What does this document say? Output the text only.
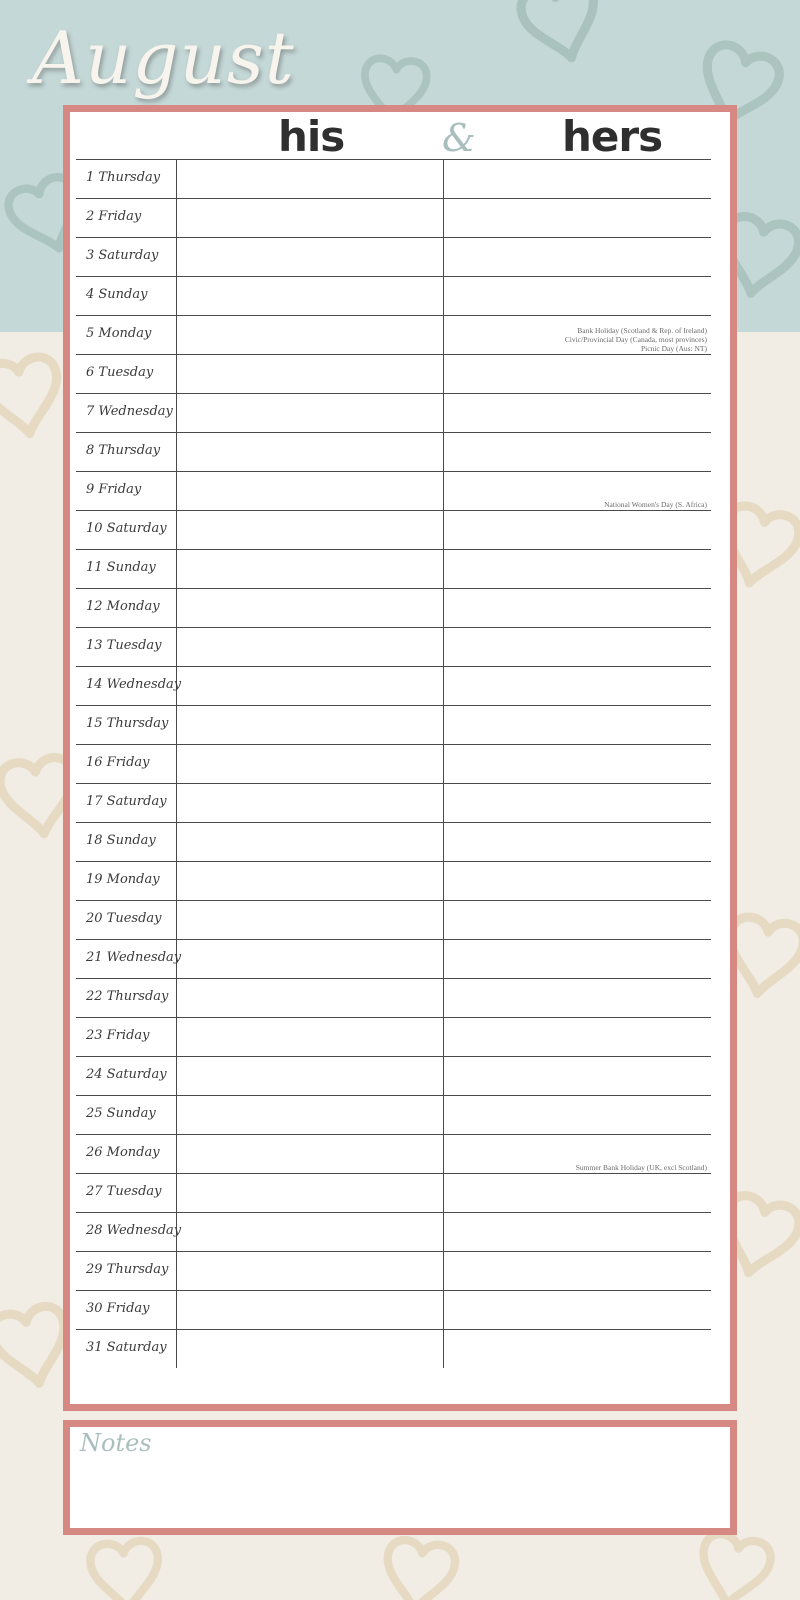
August
his	& hers
1 Thursday
2 Friday
3 Saturday
4 Sunday
5 Monday	Bank Holiday (Scotland & Rep. of Ireland)
Civic/Provincial Day (Canada, most provinces)
Picnic Day (Aus: NT)
6 Tuesday
7 Wednesday
8 Thursday
9 Friday
National Women's Day (S. Africa)
10 Saturday
11 Sunday
12 Monday
13 Tuesday
14 Wednesday
15 Thursday
16 Friday
17 Saturday
18 Sunday
19 Monday
20 Tuesday
21 Wednesday
22 Thursday
23 Friday
24 Saturday
25 Sunday
26 Monday
Summer Bank Holiday (UK, excl Scotland)
27 Tuesday
28 Wednesday
29 Thursday
30 Friday
31 Saturday
Notes
